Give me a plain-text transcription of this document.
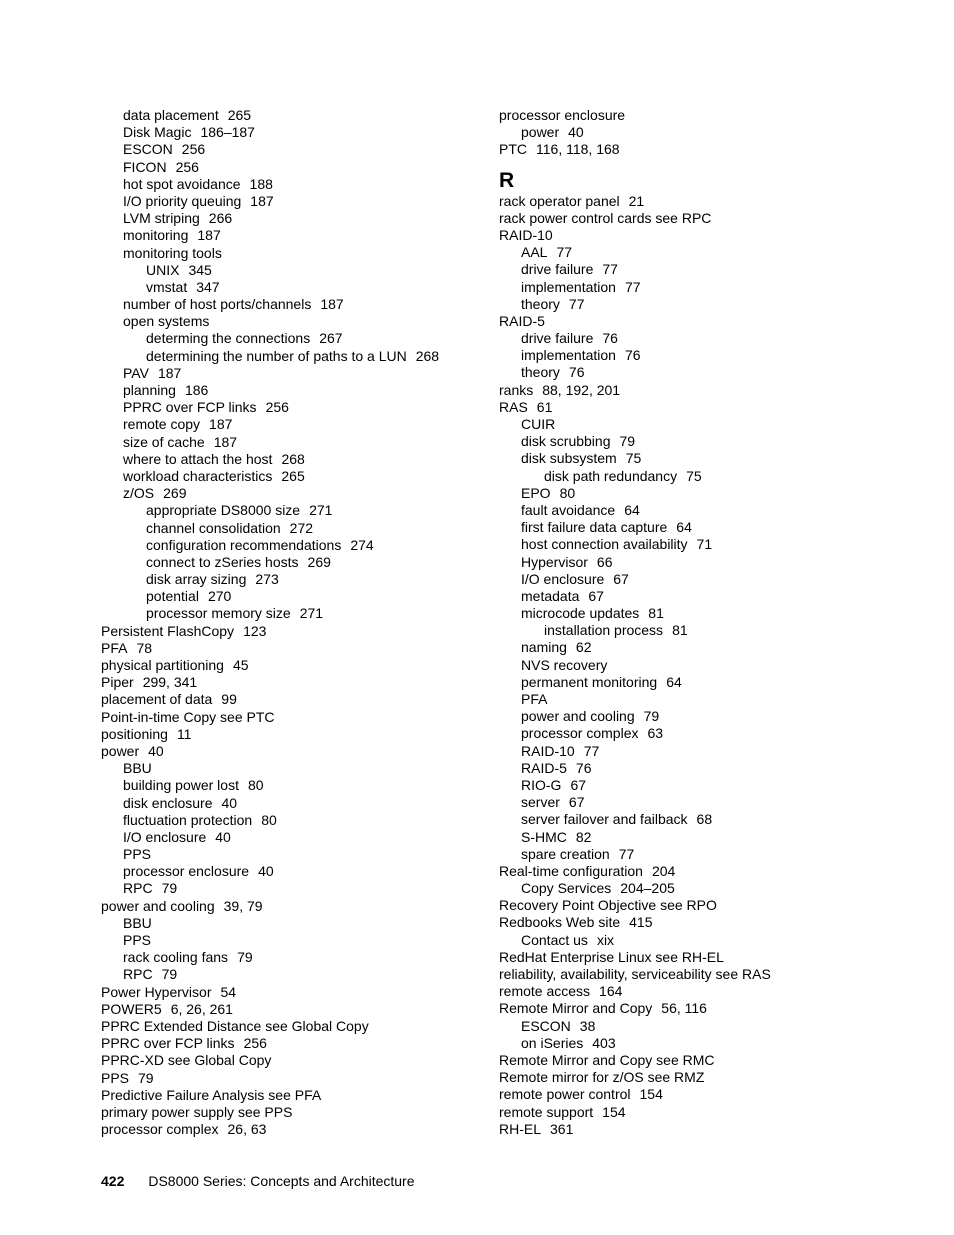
data placement 265
Disk Magic 186–187
ESCON 256
FICON 256
hot spot avoidance 188
I/O priority queuing 187
LVM striping 266
monitoring 187
monitoring tools
UNIX 345
vmstat 347
number of host ports/channels 187
open systems
determing the connections 267
determining the number of paths to a LUN 268
PAV 187
planning 186
PPRC over FCP links 256
remote copy 187
size of cache 187
where to attach the host 268
workload characteristics 265
z/OS 269
appropriate DS8000 size 271
channel consolidation 272
configuration recommendations 274
connect to zSeries hosts 269
disk array sizing 273
potential 270
processor memory size 271
Persistent FlashCopy 123
PFA 78
physical partitioning 45
Piper 299, 341
placement of data 99
Point-in-time Copy see PTC
positioning 11
power 40
BBU
building power lost 80
disk enclosure 40
fluctuation protection 80
I/O enclosure 40
PPS
processor enclosure 40
RPC 79
power and cooling 39, 79
BBU
PPS
rack cooling fans 79
RPC 79
Power Hypervisor 54
POWER5 6, 26, 261
PPRC Extended Distance see Global Copy
PPRC over FCP links 256
PPRC-XD see Global Copy
PPS 79
Predictive Failure Analysis see PFA
primary power supply see PPS
processor complex 26, 63
processor enclosure
power 40
PTC 116, 118, 168
R
rack operator panel 21
rack power control cards see RPC
RAID-10
AAL 77
drive failure 77
implementation 77
theory 77
RAID-5
drive failure 76
implementation 76
theory 76
ranks 88, 192, 201
RAS 61
CUIR
disk scrubbing 79
disk subsystem 75
disk path redundancy 75
EPO 80
fault avoidance 64
first failure data capture 64
host connection availability 71
Hypervisor 66
I/O enclosure 67
metadata 67
microcode updates 81
installation process 81
naming 62
NVS recovery
permanent monitoring 64
PFA
power and cooling 79
processor complex 63
RAID-10 77
RAID-5 76
RIO-G 67
server 67
server failover and failback 68
S-HMC 82
spare creation 77
Real-time configuration 204
Copy Services 204–205
Recovery Point Objective see RPO
Redbooks Web site 415
Contact us xix
RedHat Enterprise Linux see RH-EL
reliability, availability, serviceability see RAS
remote access 164
Remote Mirror and Copy 56, 116
ESCON 38
on iSeries 403
Remote Mirror and Copy see RMC
Remote mirror for z/OS see RMZ
remote power control 154
remote support 154
RH-EL 361
422 DS8000 Series: Concepts and Architecture
